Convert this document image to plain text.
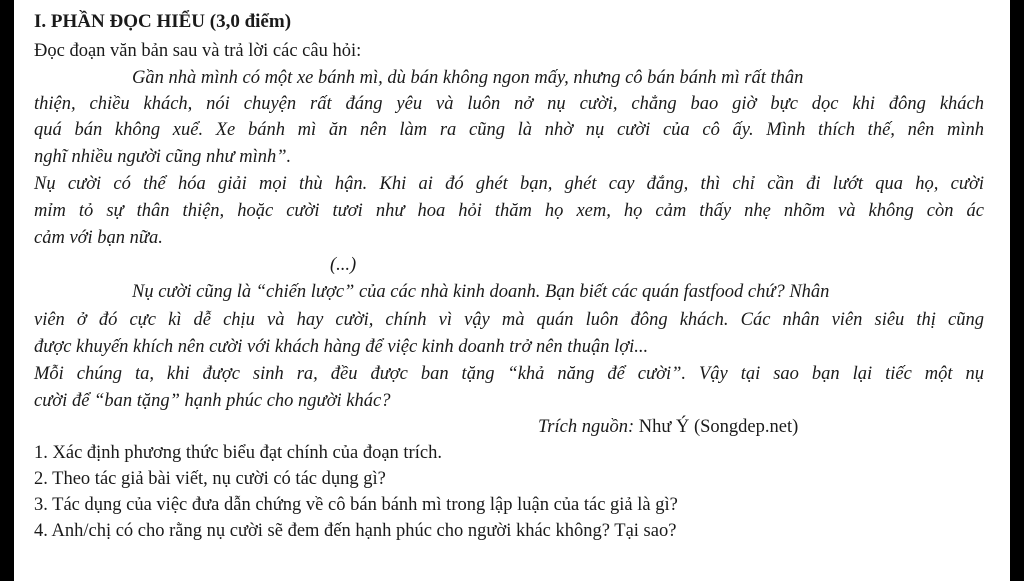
I. PHẦN ĐỌC HIỂU (3,0 điểm)
Đọc đoạn văn bản sau và trả lời các câu hỏi:
Gần nhà mình có một xe bánh mì, dù bán không ngon mấy, nhưng cô bán bánh mì rất thân
thiện, chiều khách, nói chuyện rất đáng yêu và luôn nở nụ cười, chẳng bao giờ bực dọc khi đông khách
quá bán không xuể. Xe bánh mì ăn nên làm ra cũng là nhờ nụ cười của cô ấy. Mình thích thế, nên mình
nghĩ nhiều người cũng như mình”.
Nụ cười có thể hóa giải mọi thù hận. Khi ai đó ghét bạn, ghét cay đắng, thì chỉ cần đi lướt qua họ, cười
mỉm tỏ sự thân thiện, hoặc cười tươi như hoa hỏi thăm họ xem, họ cảm thấy nhẹ nhõm và không còn ác
cảm với bạn nữa.
(...)
Nụ cười cũng là “chiến lược” của các nhà kinh doanh. Bạn biết các quán fastfood chứ? Nhân
viên ở đó cực kì dễ chịu và hay cười, chính vì vậy mà quán luôn đông khách. Các nhân viên siêu thị cũng
được khuyến khích nên cười với khách hàng để việc kinh doanh trở nên thuận lợi...
Mỗi chúng ta, khi được sinh ra, đều được ban tặng “khả năng để cười”. Vậy tại sao bạn lại tiếc một nụ
cười để “ban tặng” hạnh phúc cho người khác?
Trích nguồn: Như Ý (Songdep.net)
1. Xác định phương thức biểu đạt chính của đoạn trích.
2. Theo tác giả bài viết, nụ cười có tác dụng gì?
3. Tác dụng của việc đưa dẫn chứng về cô bán bánh mì trong lập luận của tác giả là gì?
4. Anh/chị có cho rằng nụ cười sẽ đem đến hạnh phúc cho người khác không? Tại sao?
